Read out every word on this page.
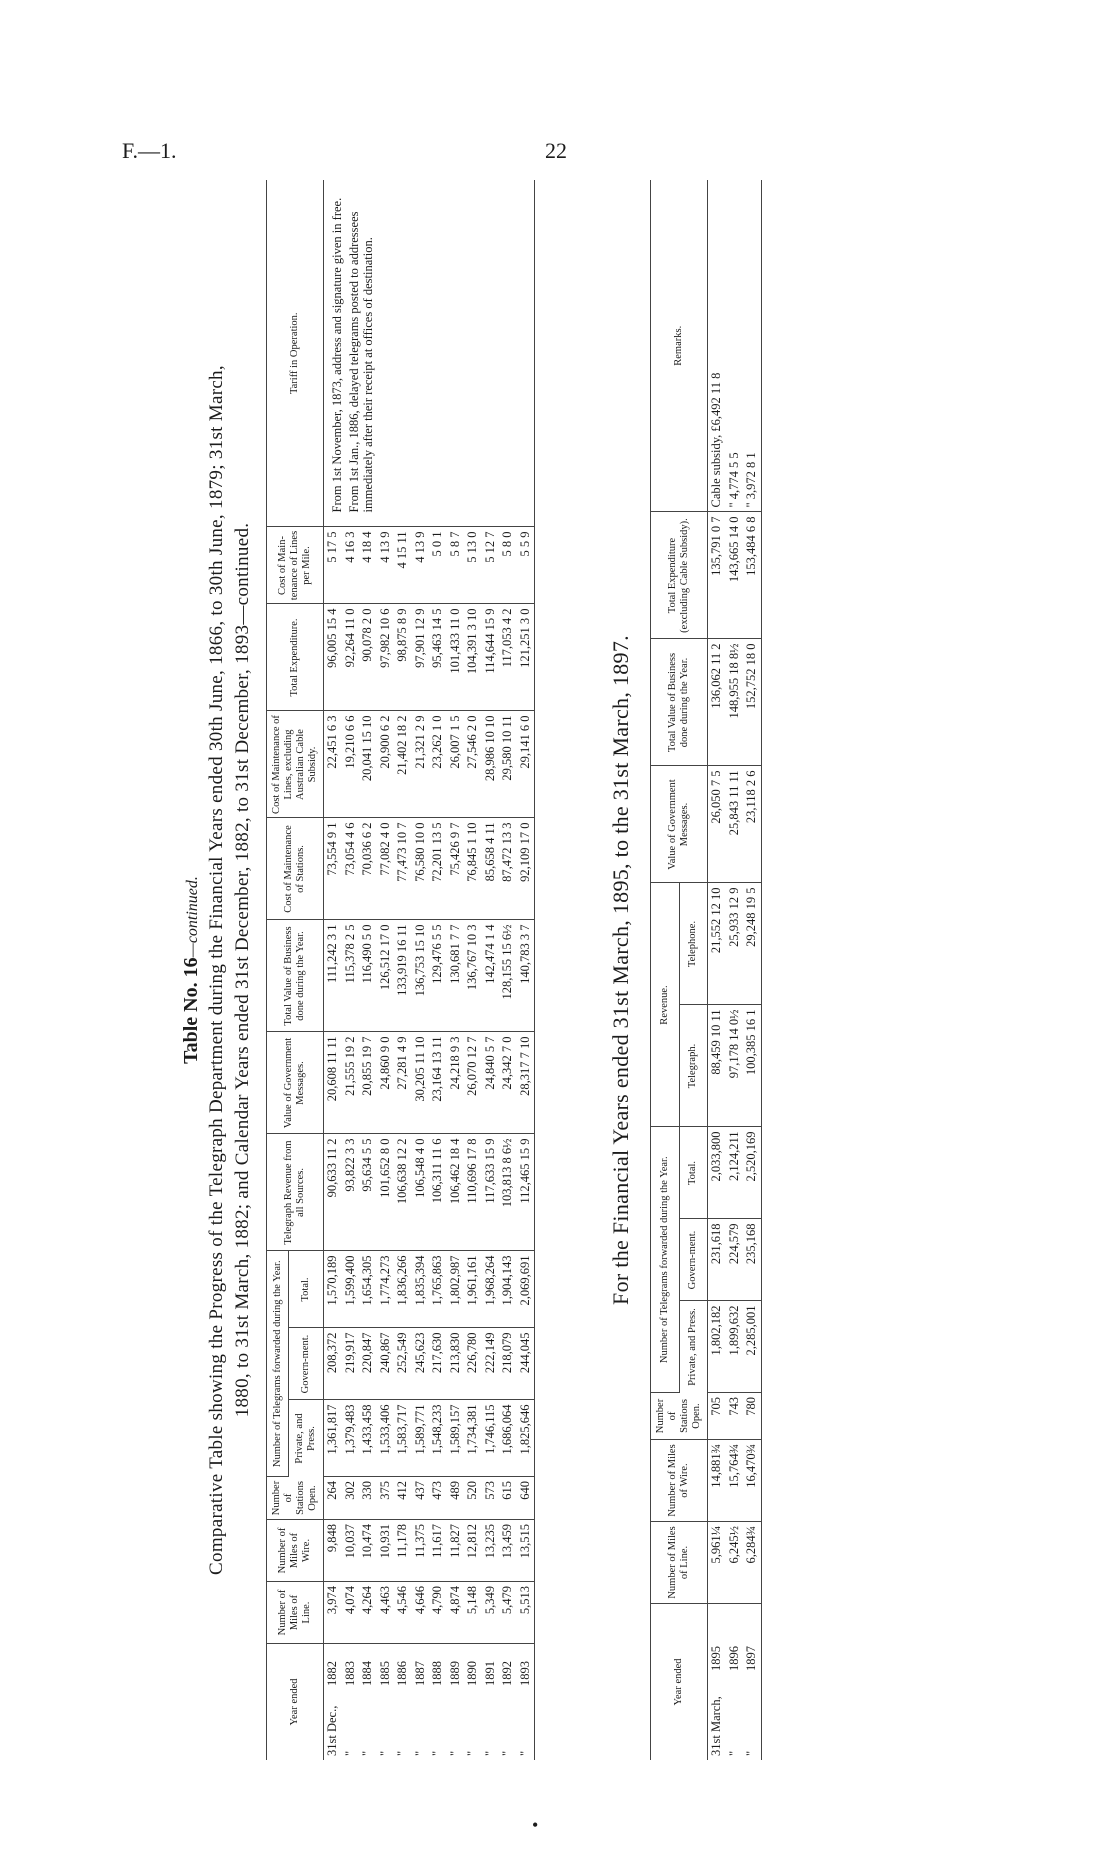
F.—1.	22
Table No. 16—continued. Comparative Table showing the Progress of the Telegraph Department during the Financial Years ended 30th June, 1866, to 30th June, 1879; 31st March, 1880, to 31st March, 1882; and Calendar Years ended 31st December, 1882, to 31st December, 1893—continued.
Year ended	Number of Miles of Line.	Number of Miles of Wire.	Number of Stations Open.	Number of Telegrams forwarded during the Year.			Telegraph Revenue from all Sources.	Value of Government Messages.	Total Value of Business done during the Year.	Cost of Maintenance of Stations.	Cost of Maintenance of Lines, excluding Australian Cable Subsidy.	Total Expenditure.	Cost of Main-tenance of Lines per Mile.	Tariff in Operation.
				Private, and Press.	Govern-ment.	Total.								
31st Dec.,1882	3,974	9,848	264	1,361,817	208,372	1,570,189	90,633 11 2	20,608 11 11	111,242 3 1	73,554 9 1	22,451 6 3	96,005 15 4	5 17 5	From 1st November, 1873, address and signature given in free. From 1st Jan., 1886, delayed telegrams posted to addressees immediately after their receipt at offices of destination.

"1883	4,074	10,037	302	1,379,483	219,917	1,599,400	93,822 3 3	21,555 19 2	115,378 2 5	73,054 4 6	19,210 6 6	92,264 11 0	4 16 3	
"1884	4,264	10,474	330	1,433,458	220,847	1,654,305	95,634 5 5	20,855 19 7	116,490 5 0	70,036 6 2	20,041 15 10	90,078 2 0	4 18 4	
"1885	4,463	10,931	375	1,533,406	240,867	1,774,273	101,652 8 0	24,860 9 0	126,512 17 0	77,082 4 0	20,900 6 2	97,982 10 6	4 13 9	
"1886	4,546	11,178	412	1,583,717	252,549	1,836,266	106,638 12 2	27,281 4 9	133,919 16 11	77,473 10 7	21,402 18 2	98,875 8 9	4 15 11	
"1887	4,646	11,375	437	1,589,771	245,623	1,835,394	106,548 4 0	30,205 11 10	136,753 15 10	76,580 10 0	21,321 2 9	97,901 12 9	4 13 9	
"1888	4,790	11,617	473	1,548,233	217,630	1,765,863	106,311 11 6	23,164 13 11	129,476 5 5	72,201 13 5	23,262 1 0	95,463 14 5	5 0 1	
"1889	4,874	11,827	489	1,589,157	213,830	1,802,987	106,462 18 4	24,218 9 3	130,681 7 7	75,426 9 7	26,007 1 5	101,433 11 0	5 8 7	
"1890	5,148	12,812	520	1,734,381	226,780	1,961,161	110,696 17 8	26,070 12 7	136,767 10 3	76,845 1 10	27,546 2 0	104,391 3 10	5 13 0	
"1891	5,349	13,235	573	1,746,115	222,149	1,968,264	117,633 15 9	24,840 5 7	142,474 1 4	85,658 4 11	28,986 10 10	114,644 15 9	5 12 7	
"1892	5,479	13,459	615	1,686,064	218,079	1,904,143	103,813 8 6½	24,342 7 0	128,155 15 6½	87,472 13 3	29,580 10 11	117,053 4 2	5 8 0	
"1893	5,513	13,515	640	1,825,646	244,045	2,069,691	112,465 15 9	28,317 7 10	140,783 3 7	92,109 17 0	29,141 6 0	121,251 3 0	5 5 9	
For the Financial Years ended 31st March, 1895, to the 31st March, 1897.
Year ended	Number of Miles of Line.	Number of Miles of Wire.	Number of Stations Open.	Number of Telegrams forwarded during the Year.			Revenue.		Value of Government Messages.	Total Value of Business done during the Year.	Total Expenditure (excluding Cable Subsidy).	Remarks.
				Private, and Press.	Govern-ment.	Total.	Telegraph.	Telephone.				
31st March,1895	5,961¼	14,881¾	705	1,802,182	231,618	2,033,800	88,459 10 11	21,552 12 10	26,050 7 5	136,062 11 2	135,791 0 7	Cable subsidy, £6,492 11 8
"1896	6,245½	15,764¾	743	1,899,632	224,579	2,124,211	97,178 14 0½	25,933 12 9	25,843 11 11	148,955 18 8½	143,665 14 0	" 4,774 5 5
"1897	6,284¾	16,470¾	780	2,285,001	235,168	2,520,169	100,385 16 1	29,248 19 5	23,118 2 6	152,752 18 0	153,484 6 8	" 3,972 8 1
•
